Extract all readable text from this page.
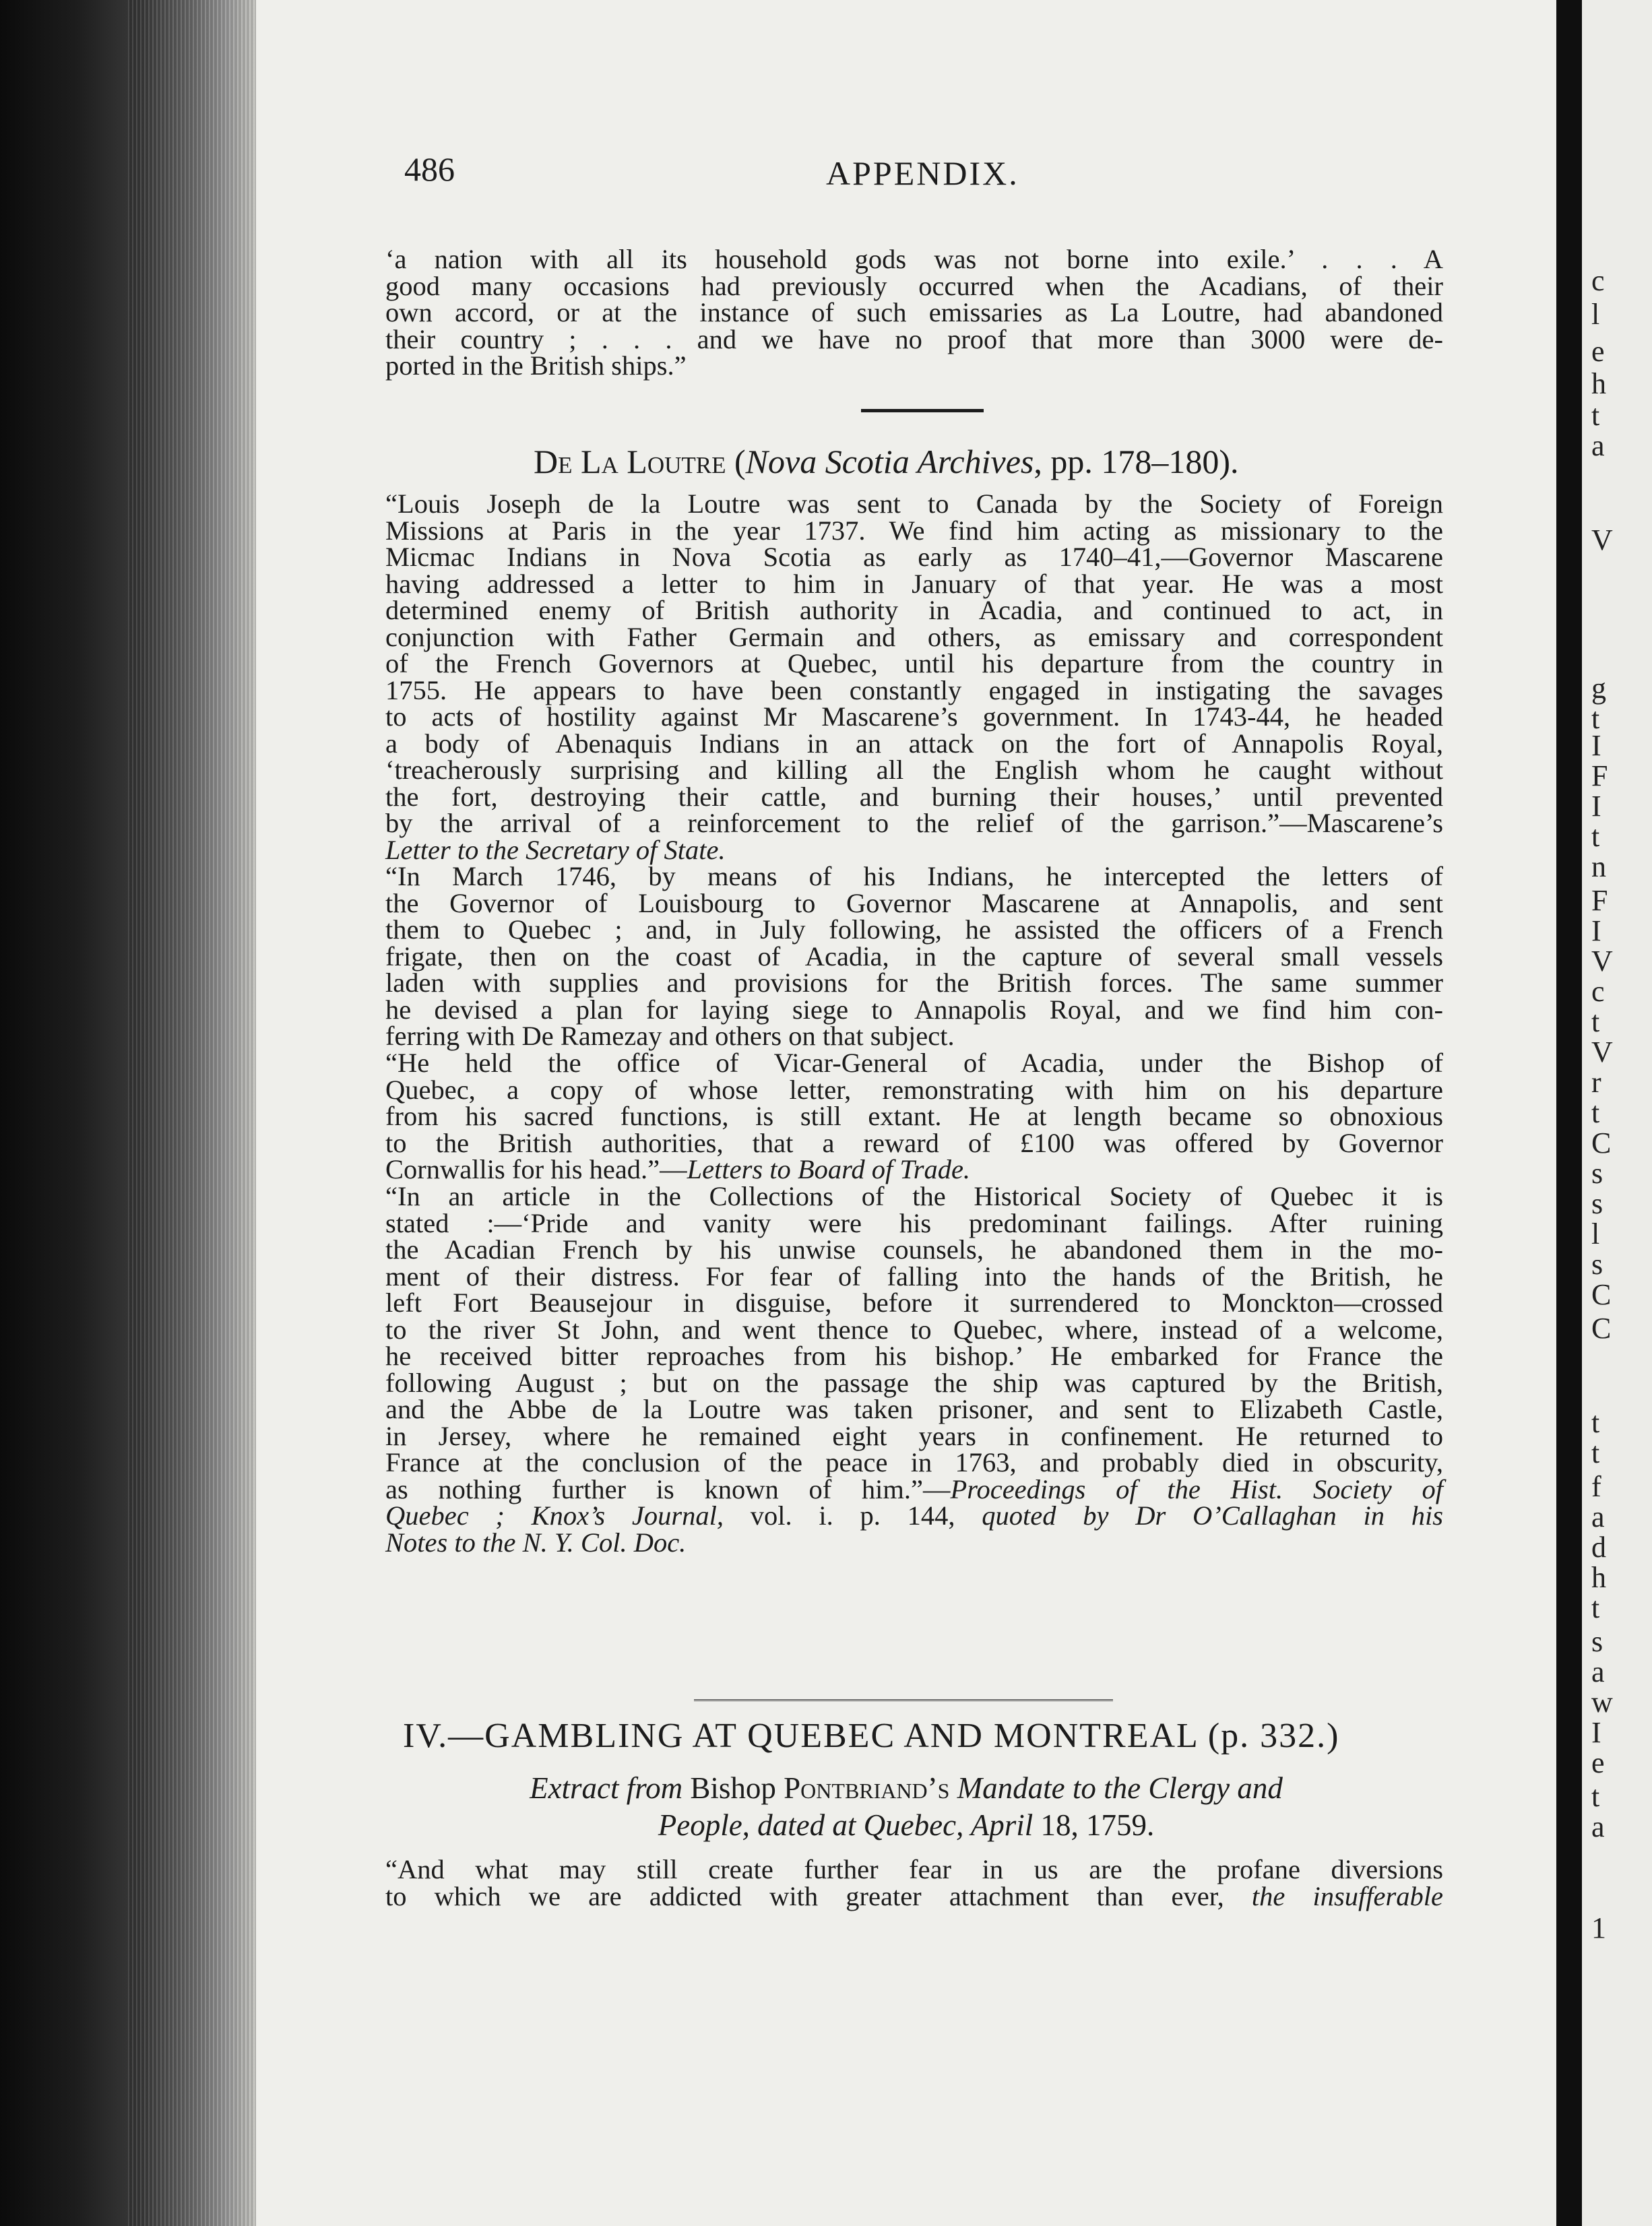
c
l
e
h
t
a
V
g
t
I
F
I
t
n
F
I
V
c
t
V
r
t
C
s
s
l
s
C
C
t
t
f
a
d
h
t
s
a
w
I
e
t
a
1
486	APPENDIX.
‘a nation with all its household gods was not borne into exile.’ . . . A
good many occasions had previously occurred when the Acadians, of their
own accord, or at the instance of such emissaries as La Loutre, had abandoned
their country ; . . . and we have no proof that more than 3000 were de-
ported in the British ships.”
De La Loutre (Nova Scotia Archives, pp. 178–180).
“Louis Joseph de la Loutre was sent to Canada by the Society of Foreign
Missions at Paris in the year 1737. We find him acting as missionary to the
Micmac Indians in Nova Scotia as early as 1740–41,—Governor Mascarene
having addressed a letter to him in January of that year. He was a most
determined enemy of British authority in Acadia, and continued to act, in
conjunction with Father Germain and others, as emissary and correspondent
of the French Governors at Quebec, until his departure from the country in
1755. He appears to have been constantly engaged in instigating the savages
to acts of hostility against Mr Mascarene’s government. In 1743-44, he headed
a body of Abenaquis Indians in an attack on the fort of Annapolis Royal,
‘treacherously surprising and killing all the English whom he caught without
the fort, destroying their cattle, and burning their houses,’ until prevented
by the arrival of a reinforcement to the relief of the garrison.”—Mascarene’s
Letter to the Secretary of State.
“In March 1746, by means of his Indians, he intercepted the letters of
the Governor of Louisbourg to Governor Mascarene at Annapolis, and sent
them to Quebec ; and, in July following, he assisted the officers of a French
frigate, then on the coast of Acadia, in the capture of several small vessels
laden with supplies and provisions for the British forces. The same summer
he devised a plan for laying siege to Annapolis Royal, and we find him con-
ferring with De Ramezay and others on that subject.
“He held the office of Vicar-General of Acadia, under the Bishop of
Quebec, a copy of whose letter, remonstrating with him on his departure
from his sacred functions, is still extant. He at length became so obnoxious
to the British authorities, that a reward of £100 was offered by Governor
Cornwallis for his head.”—Letters to Board of Trade.
“In an article in the Collections of the Historical Society of Quebec it is
stated :—‘Pride and vanity were his predominant failings. After ruining
the Acadian French by his unwise counsels, he abandoned them in the mo-
ment of their distress. For fear of falling into the hands of the British, he
left Fort Beausejour in disguise, before it surrendered to Monckton—crossed
to the river St John, and went thence to Quebec, where, instead of a welcome,
he received bitter reproaches from his bishop.’ He embarked for France the
following August ; but on the passage the ship was captured by the British,
and the Abbe de la Loutre was taken prisoner, and sent to Elizabeth Castle,
in Jersey, where he remained eight years in confinement. He returned to
France at the conclusion of the peace in 1763, and probably died in obscurity,
as nothing further is known of him.”—Proceedings of the Hist. Society of
Quebec ; Knox’s Journal, vol. i. p. 144, quoted by Dr O’Callaghan in his
Notes to the N. Y. Col. Doc.
IV.—GAMBLING AT QUEBEC AND MONTREAL (p. 332.)
Extract from Bishop Pontbriand’s Mandate to the Clergy and
People, dated at Quebec, April 18, 1759.
“And what may still create further fear in us are the profane diversions
to which we are addicted with greater attachment than ever, the insufferable
